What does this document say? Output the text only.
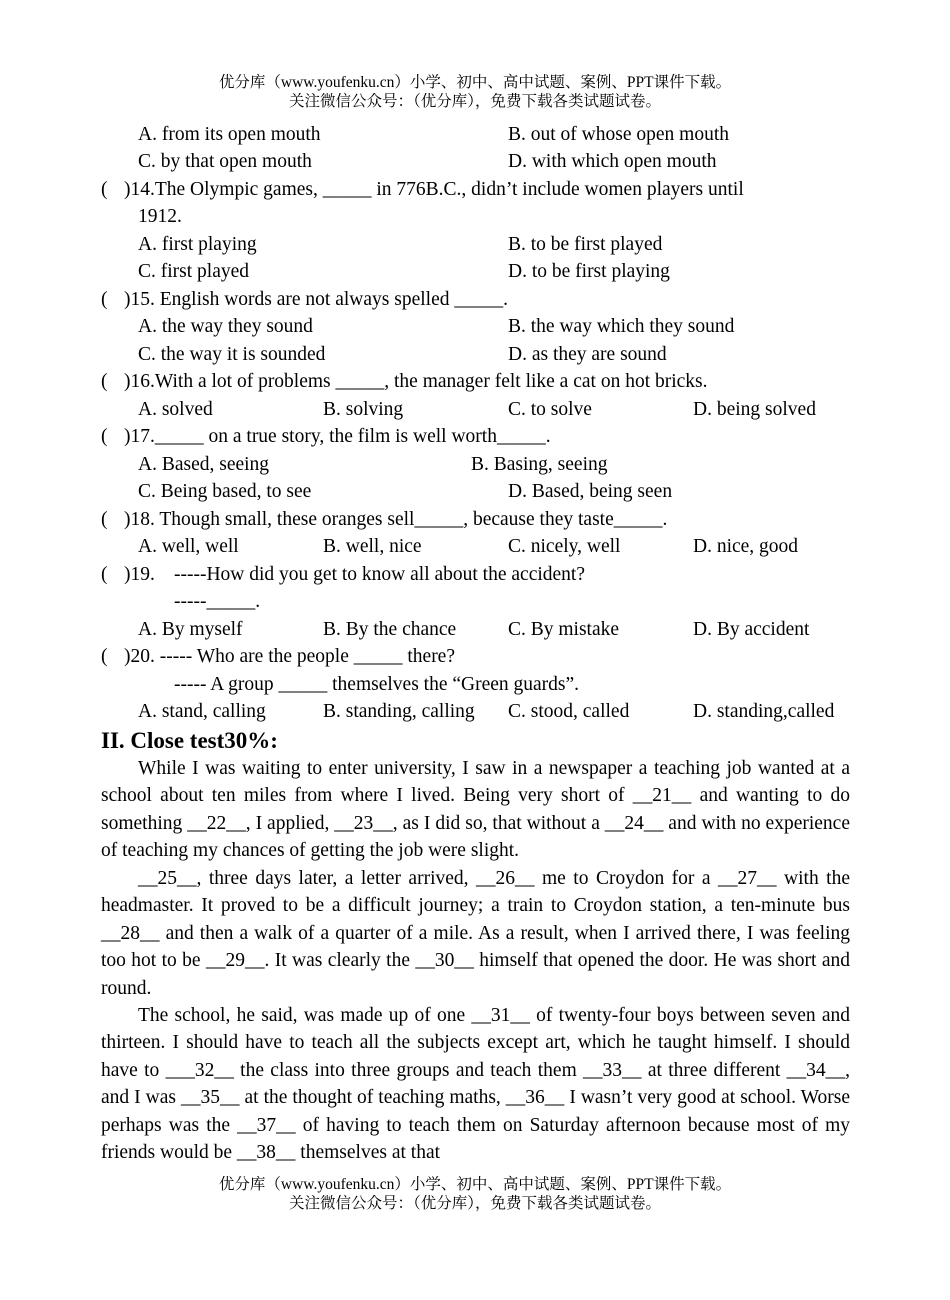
优分库（www.youfenku.cn）小学、初中、高中试题、案例、PPT课件下载。
关注微信公众号：（优分库），免费下载各类试题试卷。
A. from its open mouth	B. out of whose open mouth
C. by that open mouth	D. with which open mouth
( )14.The Olympic games, _____ in 776B.C., didn’t include women players until
1912.
A. first playing	B. to be first played
C. first played	D. to be first playing
( )15. English words are not always spelled _____.
A. the way they sound	B. the way which they sound
C. the way it is sounded	D. as they are sound
( )16.With a lot of problems _____, the manager felt like a cat on hot bricks.
A. solved	B. solving	C. to solve	D. being solved
( )17._____ on a true story, the film is well worth_____.
A. Based, seeing	B. Basing, seeing
C. Being based, to see	D. Based, being seen
( )18. Though small, these oranges sell_____, because they taste_____.
A. well, well	B. well, nice	C. nicely, well	D. nice, good
( )19. -----How did you get to know all about the accident?
-----_____.
A. By myself	B. By the chance	C. By mistake	D. By accident
( )20. ----- Who are the people _____ there?
----- A group _____ themselves the “Green guards”.
A. stand, calling	B. standing, calling C. stood, called	D. standing,called
II. Close test30%:

While I was waiting to enter university, I saw in a newspaper a teaching job wanted at a school about ten miles from where I lived. Being very short of __21__ and wanting to do something __22__, I applied, __23__, as I did so, that without a __24__ and with no experience of teaching my chances of getting the job were slight.

__25__, three days later, a letter arrived, __26__ me to Croydon for a __27__ with the headmaster. It proved to be a difficult journey; a train to Croydon station, a ten-minute bus __28__ and then a walk of a quarter of a mile. As a result, when I arrived there, I was feeling too hot to be __29__. It was clearly the __30__ himself that opened the door. He was short and round.

The school, he said, was made up of one __31__ of twenty-four boys between seven and thirteen. I should have to teach all the subjects except art, which he taught himself. I should have to ___32__ the class into three groups and teach them __33__ at three different __34__, and I was __35__ at the thought of teaching maths, __36__ I wasn’t very good at school. Worse perhaps was the __37__ of having to teach them on Saturday afternoon because most of my friends would be __38__ themselves at that

优分库（www.youfenku.cn）小学、初中、高中试题、案例、PPT课件下载。
关注微信公众号：（优分库），免费下载各类试题试卷。
